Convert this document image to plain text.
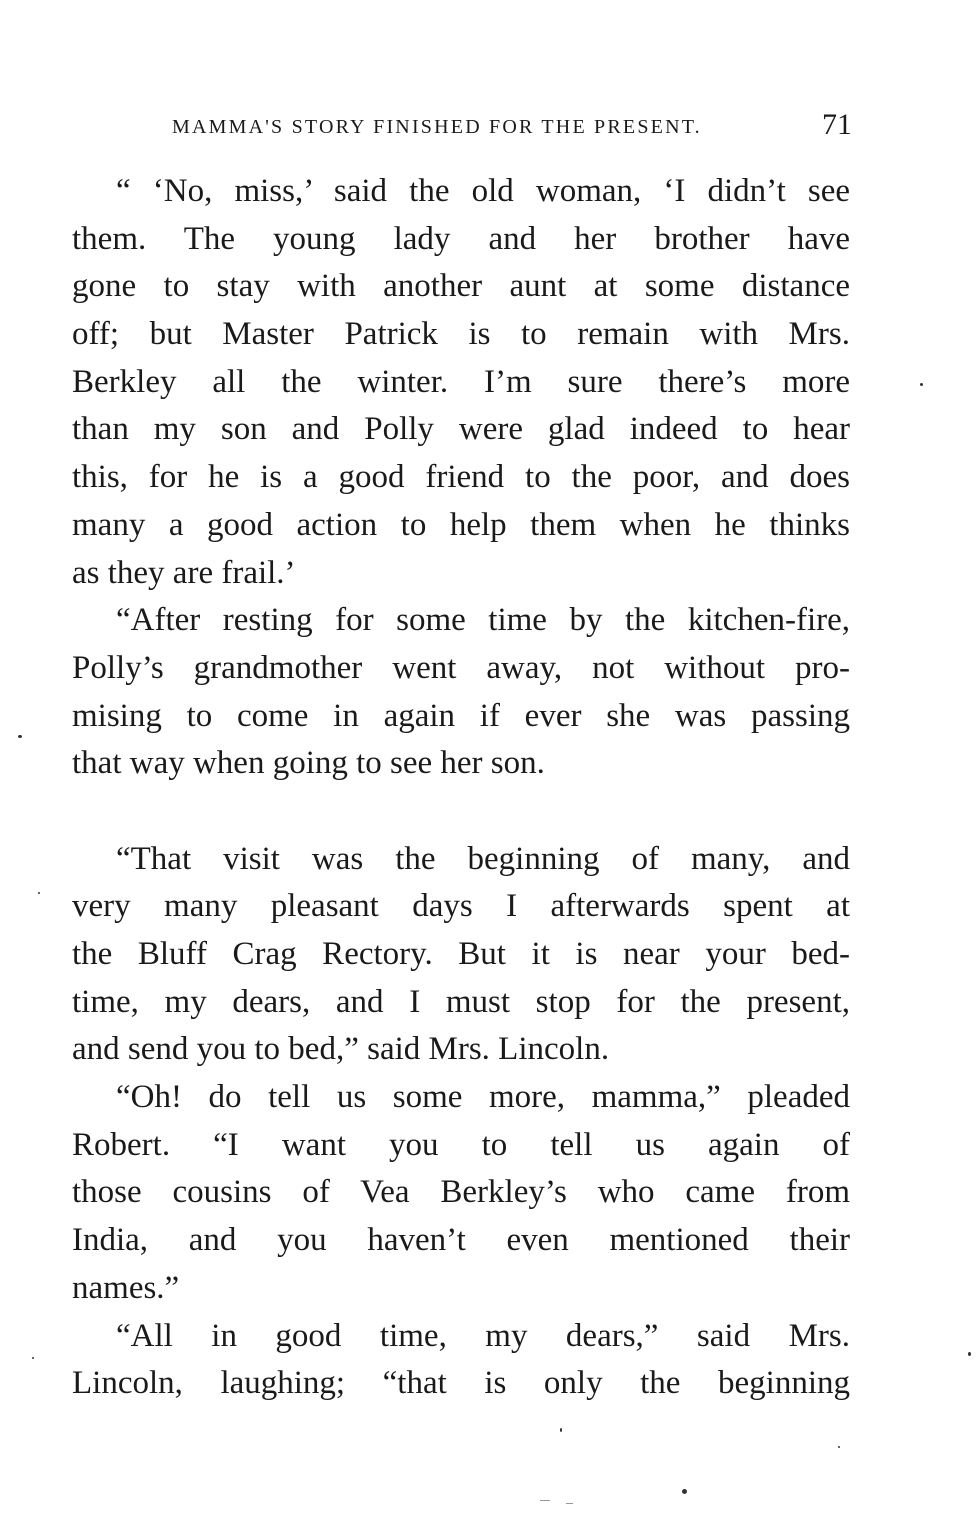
MAMMA'S STORY FINISHED FOR THE PRESENT.	71
“ ‘No, miss,’ said the old woman, ‘I didn’t see
them. The young lady and her brother have
gone to stay with another aunt at some distance
off; but Master Patrick is to remain with Mrs.
Berkley all the winter. I’m sure there’s more
than my son and Polly were glad indeed to hear
this, for he is a good friend to the poor, and does
many a good action to help them when he thinks
as they are frail.’
“After resting for some time by the kitchen-fire,
Polly’s grandmother went away, not without pro-
mising to come in again if ever she was passing
that way when going to see her son.
“That visit was the beginning of many, and
very many pleasant days I afterwards spent at
the Bluff Crag Rectory. But it is near your bed-
time, my dears, and I must stop for the present,
and send you to bed,” said Mrs. Lincoln.
“Oh! do tell us some more, mamma,” pleaded
Robert. “I want you to tell us again of
those cousins of Vea Berkley’s who came from
India, and you haven’t even mentioned their
names.”
“All in good time, my dears,” said Mrs.
Lincoln, laughing; “that is only the beginning
